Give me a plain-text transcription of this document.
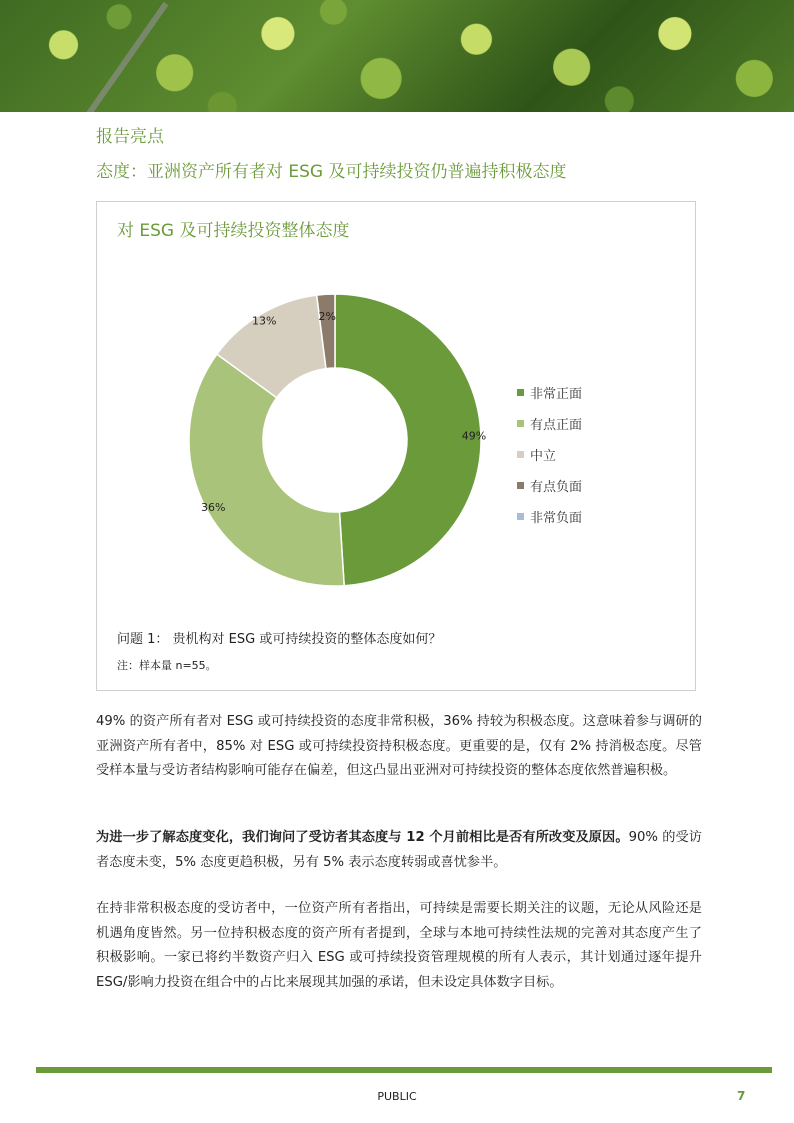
报告亮点
态度：亚洲资产所有者对 ESG 及可持续投资仍普遍持积极态度
对 ESG 及可持续投资整体态度
49%
36%
13%	2%
非常正面
有点正面
中立
有点负面
非常负面
问题 1： 贵机构对 ESG 或可持续投资的整体态度如何？
注：样本量 n=55。
49% 的资产所有者对 ESG 或可持续投资的态度非常积极，36% 持较为积极态度。这意味着参与调研的亚洲资产所有者中，85% 对 ESG 或可持续投资持积极态度。更重要的是，仅有 2% 持消极态度。尽管受样本量与受访者结构影响可能存在偏差，但这凸显出亚洲对可持续投资的整体态度依然普遍积极。
为进一步了解态度变化，我们询问了受访者其态度与 12 个月前相比是否有所改变及原因。90% 的受访者态度未变，5% 态度更趋积极，另有 5% 表示态度转弱或喜忧参半。
在持非常积极态度的受访者中，一位资产所有者指出，可持续是需要长期关注的议题，无论从风险还是机遇角度皆然。另一位持积极态度的资产所有者提到，全球与本地可持续性法规的完善对其态度产生了积极影响。一家已将约半数资产归入 ESG 或可持续投资管理规模的所有人表示，其计划通过逐年提升 ESG/影响力投资在组合中的占比来展现其加强的承诺，但未设定具体数字目标。
PUBLIC	7
